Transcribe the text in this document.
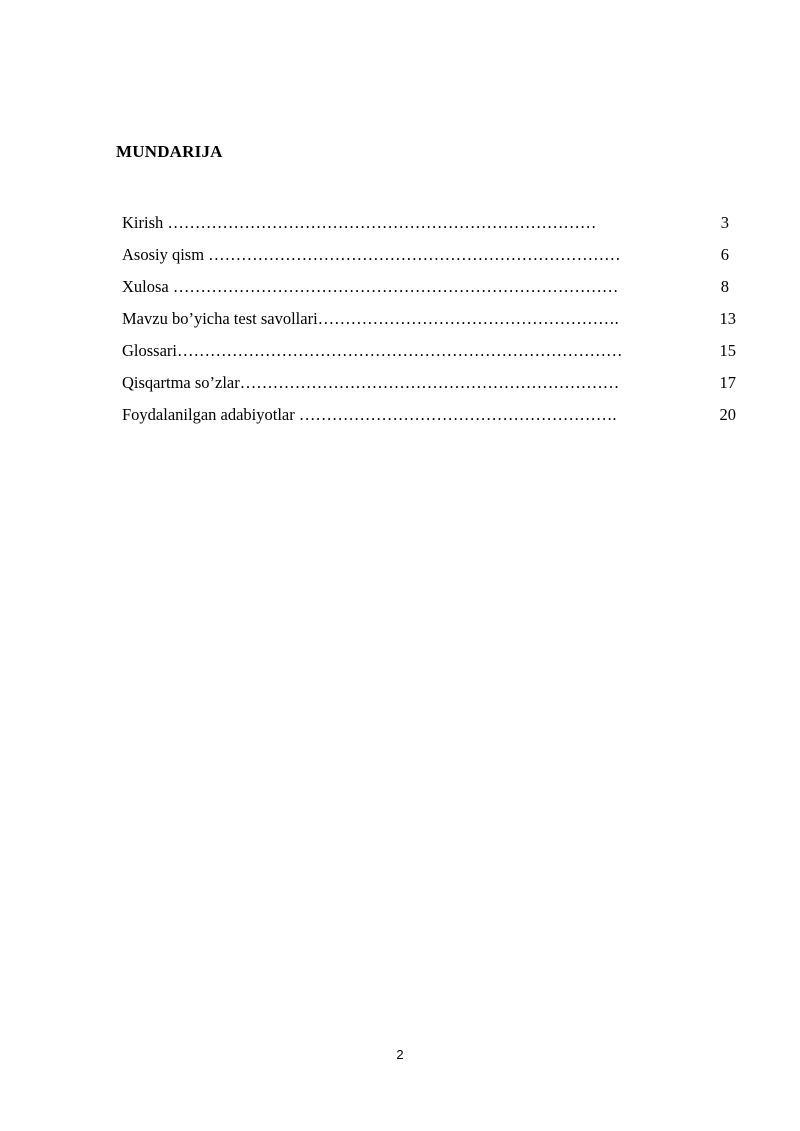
MUNDARIJA
Kirish ……………………………………………………………………	3
Asosiy qism …………………………………………………………………	6
Xulosa ………………………………………………………………………	8
Mavzu bo’yicha test savollari……………………………………………….	13
Glossari………………………………………………………………………	15
Qisqartma so’zlar……………………………………………………………	17
Foydalanilgan adabiyotlar ………………………………………………….	20
2
